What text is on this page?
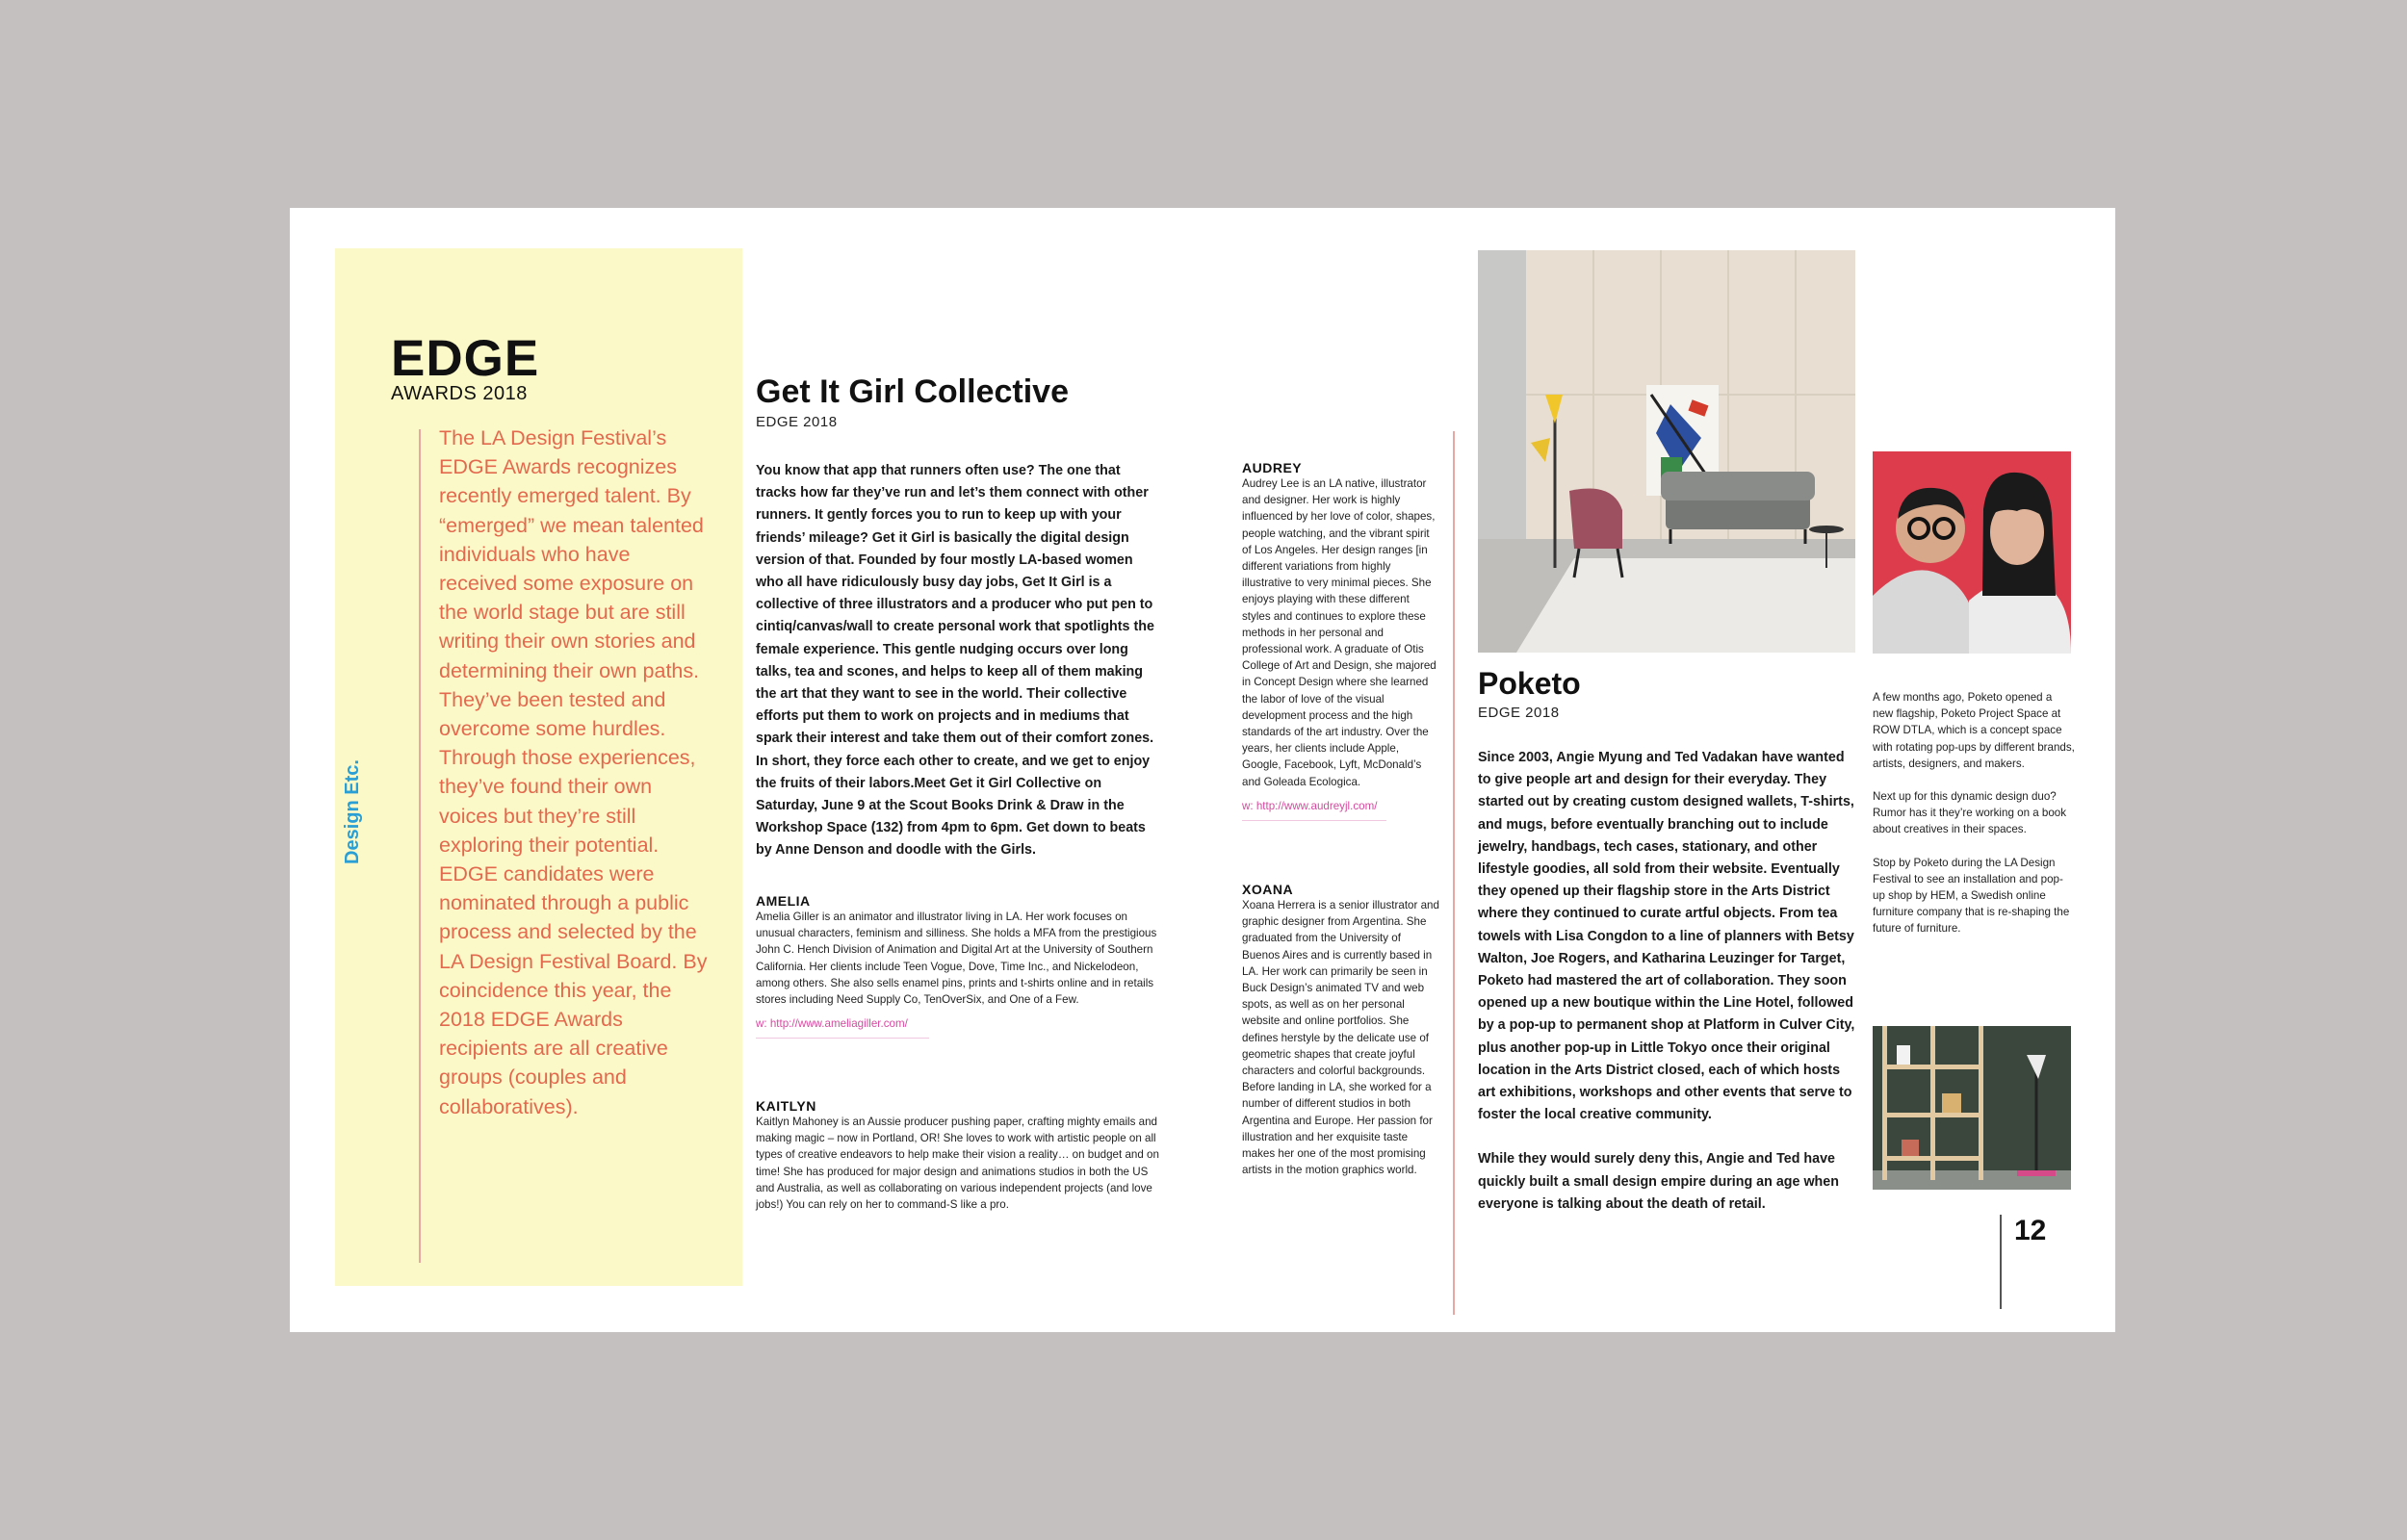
EDGE
AWARDS 2018
The LA Design Festival’s EDGE Awards recognizes recently emerged talent. By “emerged” we mean talented individuals who have received some exposure on the world stage but are still writing their own stories and determining their own paths. They’ve been tested and overcome some hurdles. Through those experiences, they’ve found their own voices but they’re still exploring their potential. EDGE candidates were nominated through a public process and selected by the LA Design Festival Board. By coincidence this year, the 2018 EDGE Awards recipients are all creative groups (couples and collaboratives).
Design Etc.
Get It Girl Collective
EDGE 2018
You know that app that runners often use? The one that tracks how far they’ve run and let’s them connect with other runners. It gently forces you to run to keep up with your friends’ mileage? Get it Girl is basically the digital design version of that. Founded by four mostly LA-based women who all have ridiculously busy day jobs, Get It Girl is a collective of three illustrators and a producer who put pen to cintiq/canvas/wall to create personal work that spotlights the female experience. This gentle nudging occurs over long talks, tea and scones, and helps to keep all of them making the art that they want to see in the world. Their collective efforts put them to work on projects and in mediums that spark their interest and take them out of their comfort zones. In short, they force each other to create, and we get to enjoy the fruits of their labors.Meet Get it Girl Collective on Saturday, June 9 at the Scout Books Drink & Draw in the Workshop Space (132) from 4pm to 6pm. Get down to beats by Anne Denson and doodle with the Girls.
AMELIA
Amelia Giller is an animator and illustrator living in LA. Her work focuses on unusual characters, feminism and silliness. She holds a MFA from the prestigious John C. Hench Division of Animation and Digital Art at the University of Southern California. Her clients include Teen Vogue, Dove, Time Inc., and Nickelodeon, among others. She also sells enamel pins, prints and t-shirts online and in retails stores including Need Supply Co, TenOverSix, and One of a Few.
w: http://www.ameliagiller.com/
KAITLYN
Kaitlyn Mahoney is an Aussie producer pushing paper, crafting mighty emails and making magic – now in Portland, OR! She loves to work with artistic people on all types of creative endeavors to help make their vision a reality… on budget and on time! She has produced for major design and animations studios in both the US and Australia, as well as collaborating on various independent projects (and love jobs!) You can rely on her to command-S like a pro.
AUDREY
Audrey Lee is an LA native, illustrator and designer. Her work is highly influenced by her love of color, shapes, people watching, and the vibrant spirit of Los Angeles. Her design ranges [in different variations from highly illustrative to very minimal pieces. She enjoys playing with these different styles and continues to explore these methods in her personal and professional work. A graduate of Otis College of Art and Design, she majored in Concept Design where she learned the labor of love of the visual development process and the high standards of the art industry. Over the years, her clients include Apple, Google, Facebook, Lyft, McDonald’s and Goleada Ecologica.
w: http://www.audreyjl.com/
XOANA
Xoana Herrera is a senior illustrator and graphic designer from Argentina. She graduated from the University of Buenos Aires and is currently based in LA. Her work can primarily be seen in Buck Design’s animated TV and web spots, as well as on her personal website and online portfolios. She defines herstyle by the delicate use of geometric shapes that create joyful characters and colorful backgrounds. Before landing in LA, she worked for a number of different studios in both Argentina and Europe. Her passion for illustration and her exquisite taste makes her one of the most promising artists in the motion graphics world.
Poketo
EDGE 2018

Since 2003, Angie Myung and Ted Vadakan have wanted to give people art and design for their everyday. They started out by creating custom designed wallets, T-shirts, and mugs, before eventually branching out to include jewelry, handbags, tech cases, stationary, and other lifestyle goodies, all sold from their website. Eventually they opened up their flagship store in the Arts District where they continued to curate artful objects. From tea towels with Lisa Congdon to a line of planners with Betsy Walton, Joe Rogers, and Katharina Leuzinger for Target, Poketo had mastered the art of collaboration. They soon opened up a new boutique within the Line Hotel, followed by a pop-up to permanent shop at Platform in Culver City, plus another pop-up in Little Tokyo once their original location in the Arts District closed, each of which hosts art exhibitions, workshops and other events that serve to foster the local creative community.

While they would surely deny this, Angie and Ted have quickly built a small design empire during an age when everyone is talking about the death of retail.

A few months ago, Poketo opened a new flagship, Poketo Project Space at ROW DTLA, which is a concept space with rotating pop-ups by different brands, artists, designers, and makers.

Next up for this dynamic design duo? Rumor has it they’re working on a book about creatives in their spaces.

Stop by Poketo during the LA Design Festival to see an installation and pop-up shop by HEM, a Swedish online furniture company that is re-shaping the future of furniture.

12
